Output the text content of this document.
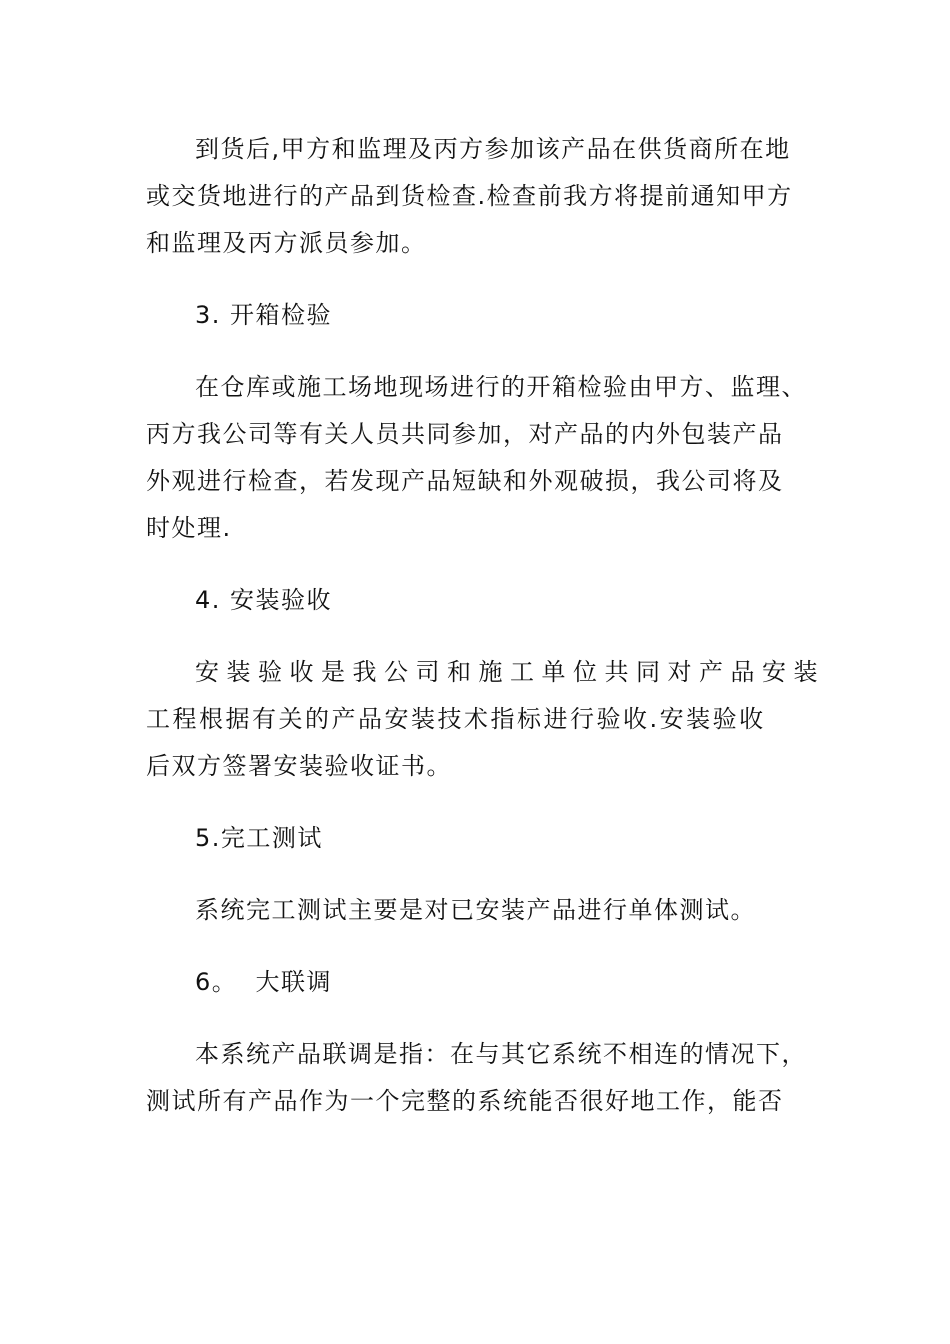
到货后,甲方和监理及丙方参加该产品在供货商所在地
或交货地进行的产品到货检查.检查前我方将提前通知甲方
和监理及丙方派员参加。
3. 开箱检验
在仓库或施工场地现场进行的开箱检验由甲方、监理、
丙方我公司等有关人员共同参加，对产品的内外包装产品
外观进行检查，若发现产品短缺和外观破损，我公司将及
时处理.
4. 安装验收
安装验收是我公司和施工单位共同对产品安装
工程根据有关的产品安装技术指标进行验收.安装验收
后双方签署安装验收证书。
5.完工测试
系统完工测试主要是对已安装产品进行单体测试。
6。  大联调
本系统产品联调是指：在与其它系统不相连的情况下，
测试所有产品作为一个完整的系统能否很好地工作，能否
